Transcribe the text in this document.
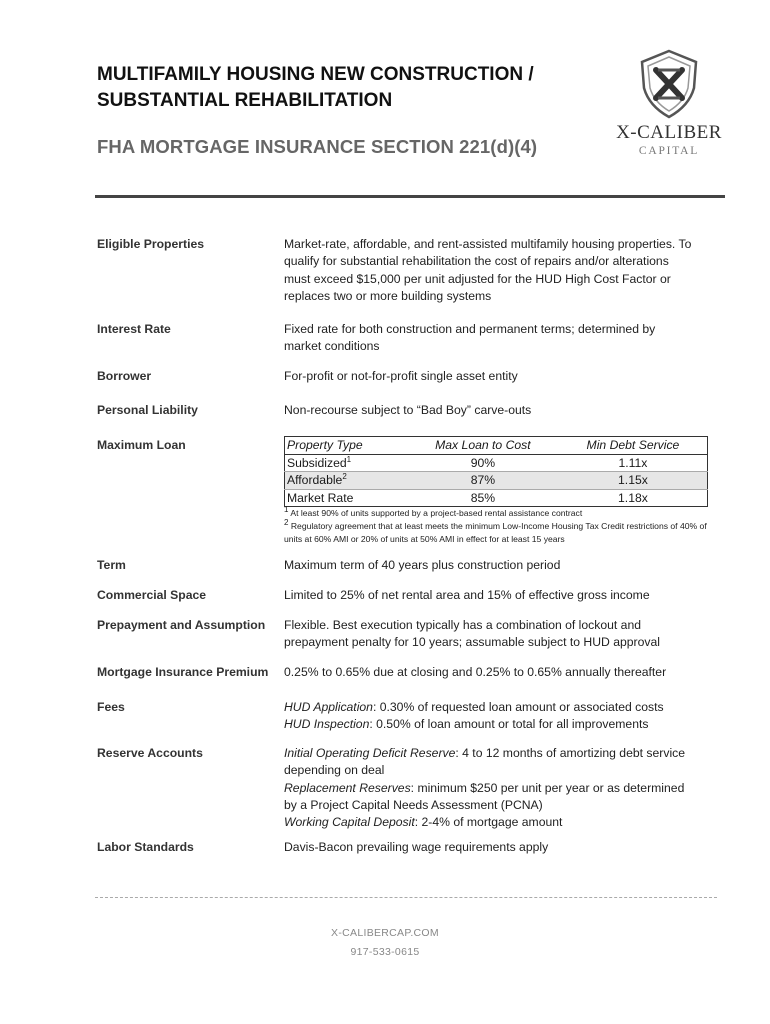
MULTIFAMILY HOUSING NEW CONSTRUCTION /
SUBSTANTIAL REHABILITATION
FHA MORTGAGE INSURANCE SECTION 221(d)(4)
X-CALIBER
CAPITAL
Eligible Properties	Market-rate, affordable, and rent-assisted multifamily housing properties. To qualify for substantial rehabilitation the cost of repairs and/or alterations must exceed $15,000 per unit adjusted for the HUD High Cost Factor or replaces two or more building systems
Interest Rate	Fixed rate for both construction and permanent terms; determined by market conditions
Borrower	For-profit or not-for-profit single asset entity
Personal Liability	Non-recourse subject to “Bad Boy” carve-outs
Maximum Loan	Property Type	Max Loan to Cost	Min Debt Service
Subsidized$^1$	90%	1.11x
Affordable$^2$	87%	1.15x
Market Rate	85%	1.18x
$^1$ At least 90% of units supported by a project-based rental assistance contract
$^2$ Regulatory agreement that at least meets the minimum Low-Income Housing Tax Credit restrictions of 40% of units at 60% AMI or 20% of units at 50% AMI in effect for at least 15 years
Term	Maximum term of 40 years plus construction period
Commercial Space	Limited to 25% of net rental area and 15% of effective gross income
Prepayment and Assumption	Flexible. Best execution typically has a combination of lockout and prepayment penalty for 10 years; assumable subject to HUD approval
Mortgage Insurance Premium	0.25% to 0.65% due at closing and 0.25% to 0.65% annually thereafter
Fees	HUD Application: 0.30% of requested loan amount or associated costs
HUD Inspection: 0.50% of loan amount or total for all improvements
Reserve Accounts	Initial Operating Deficit Reserve: 4 to 12 months of amortizing debt service depending on deal
Replacement Reserves: minimum $250 per unit per year or as determined by a Project Capital Needs Assessment (PCNA)
Working Capital Deposit: 2-4% of mortgage amount
Labor Standards	Davis-Bacon prevailing wage requirements apply
X-CALIBERCAP.COM
917-533-0615
